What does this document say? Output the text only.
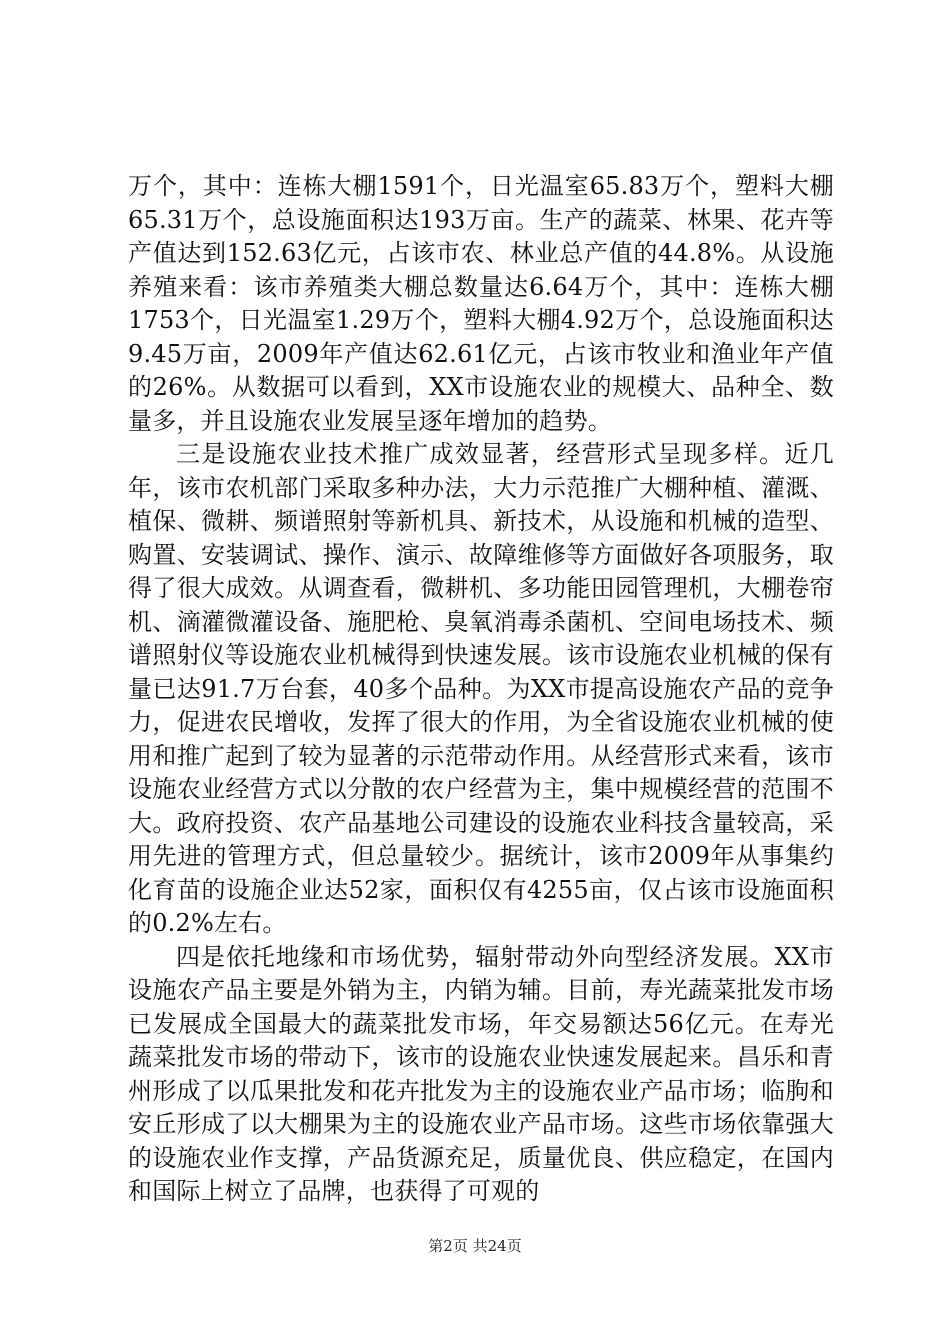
万个，其中：连栋大棚1591个，日光温室65.83万个，塑料大棚65.31万个，总设施面积达193万亩。生产的蔬菜、林果、花卉等产值达到152.63亿元，占该市农、林业总产值的44.8%。从设施养殖来看：该市养殖类大棚总数量达6.64万个，其中：连栋大棚1753个，日光温室1.29万个，塑料大棚4.92万个，总设施面积达9.45万亩，2009年产值达62.61亿元，占该市牧业和渔业年产值的26%。从数据可以看到，XX市设施农业的规模大、品种全、数量多，并且设施农业发展呈逐年增加的趋势。

三是设施农业技术推广成效显著，经营形式呈现多样。近几年，该市农机部门采取多种办法，大力示范推广大棚种植、灌溉、植保、微耕、频谱照射等新机具、新技术，从设施和机械的造型、购置、安装调试、操作、演示、故障维修等方面做好各项服务，取得了很大成效。从调查看，微耕机、多功能田园管理机，大棚卷帘机、滴灌微灌设备、施肥枪、臭氧消毒杀菌机、空间电场技术、频谱照射仪等设施农业机械得到快速发展。该市设施农业机械的保有量已达91.7万台套，40多个品种。为XX市提高设施农产品的竞争力，促进农民增收，发挥了很大的作用，为全省设施农业机械的使用和推广起到了较为显著的示范带动作用。从经营形式来看，该市设施农业经营方式以分散的农户经营为主，集中规模经营的范围不大。政府投资、农产品基地公司建设的设施农业科技含量较高，采用先进的管理方式，但总量较少。据统计，该市2009年从事集约化育苗的设施企业达52家，面积仅有4255亩，仅占该市设施面积的0.2%左右。

四是依托地缘和市场优势，辐射带动外向型经济发展。XX市设施农产品主要是外销为主，内销为辅。目前，寿光蔬菜批发市场已发展成全国最大的蔬菜批发市场，年交易额达56亿元。在寿光蔬菜批发市场的带动下，该市的设施农业快速发展起来。昌乐和青州形成了以瓜果批发和花卉批发为主的设施农业产品市场；临朐和安丘形成了以大棚果为主的设施农业产品市场。这些市场依靠强大的设施农业作支撑，产品货源充足，质量优良、供应稳定，在国内和国际上树立了品牌，也获得了可观的

第2页 共24页
